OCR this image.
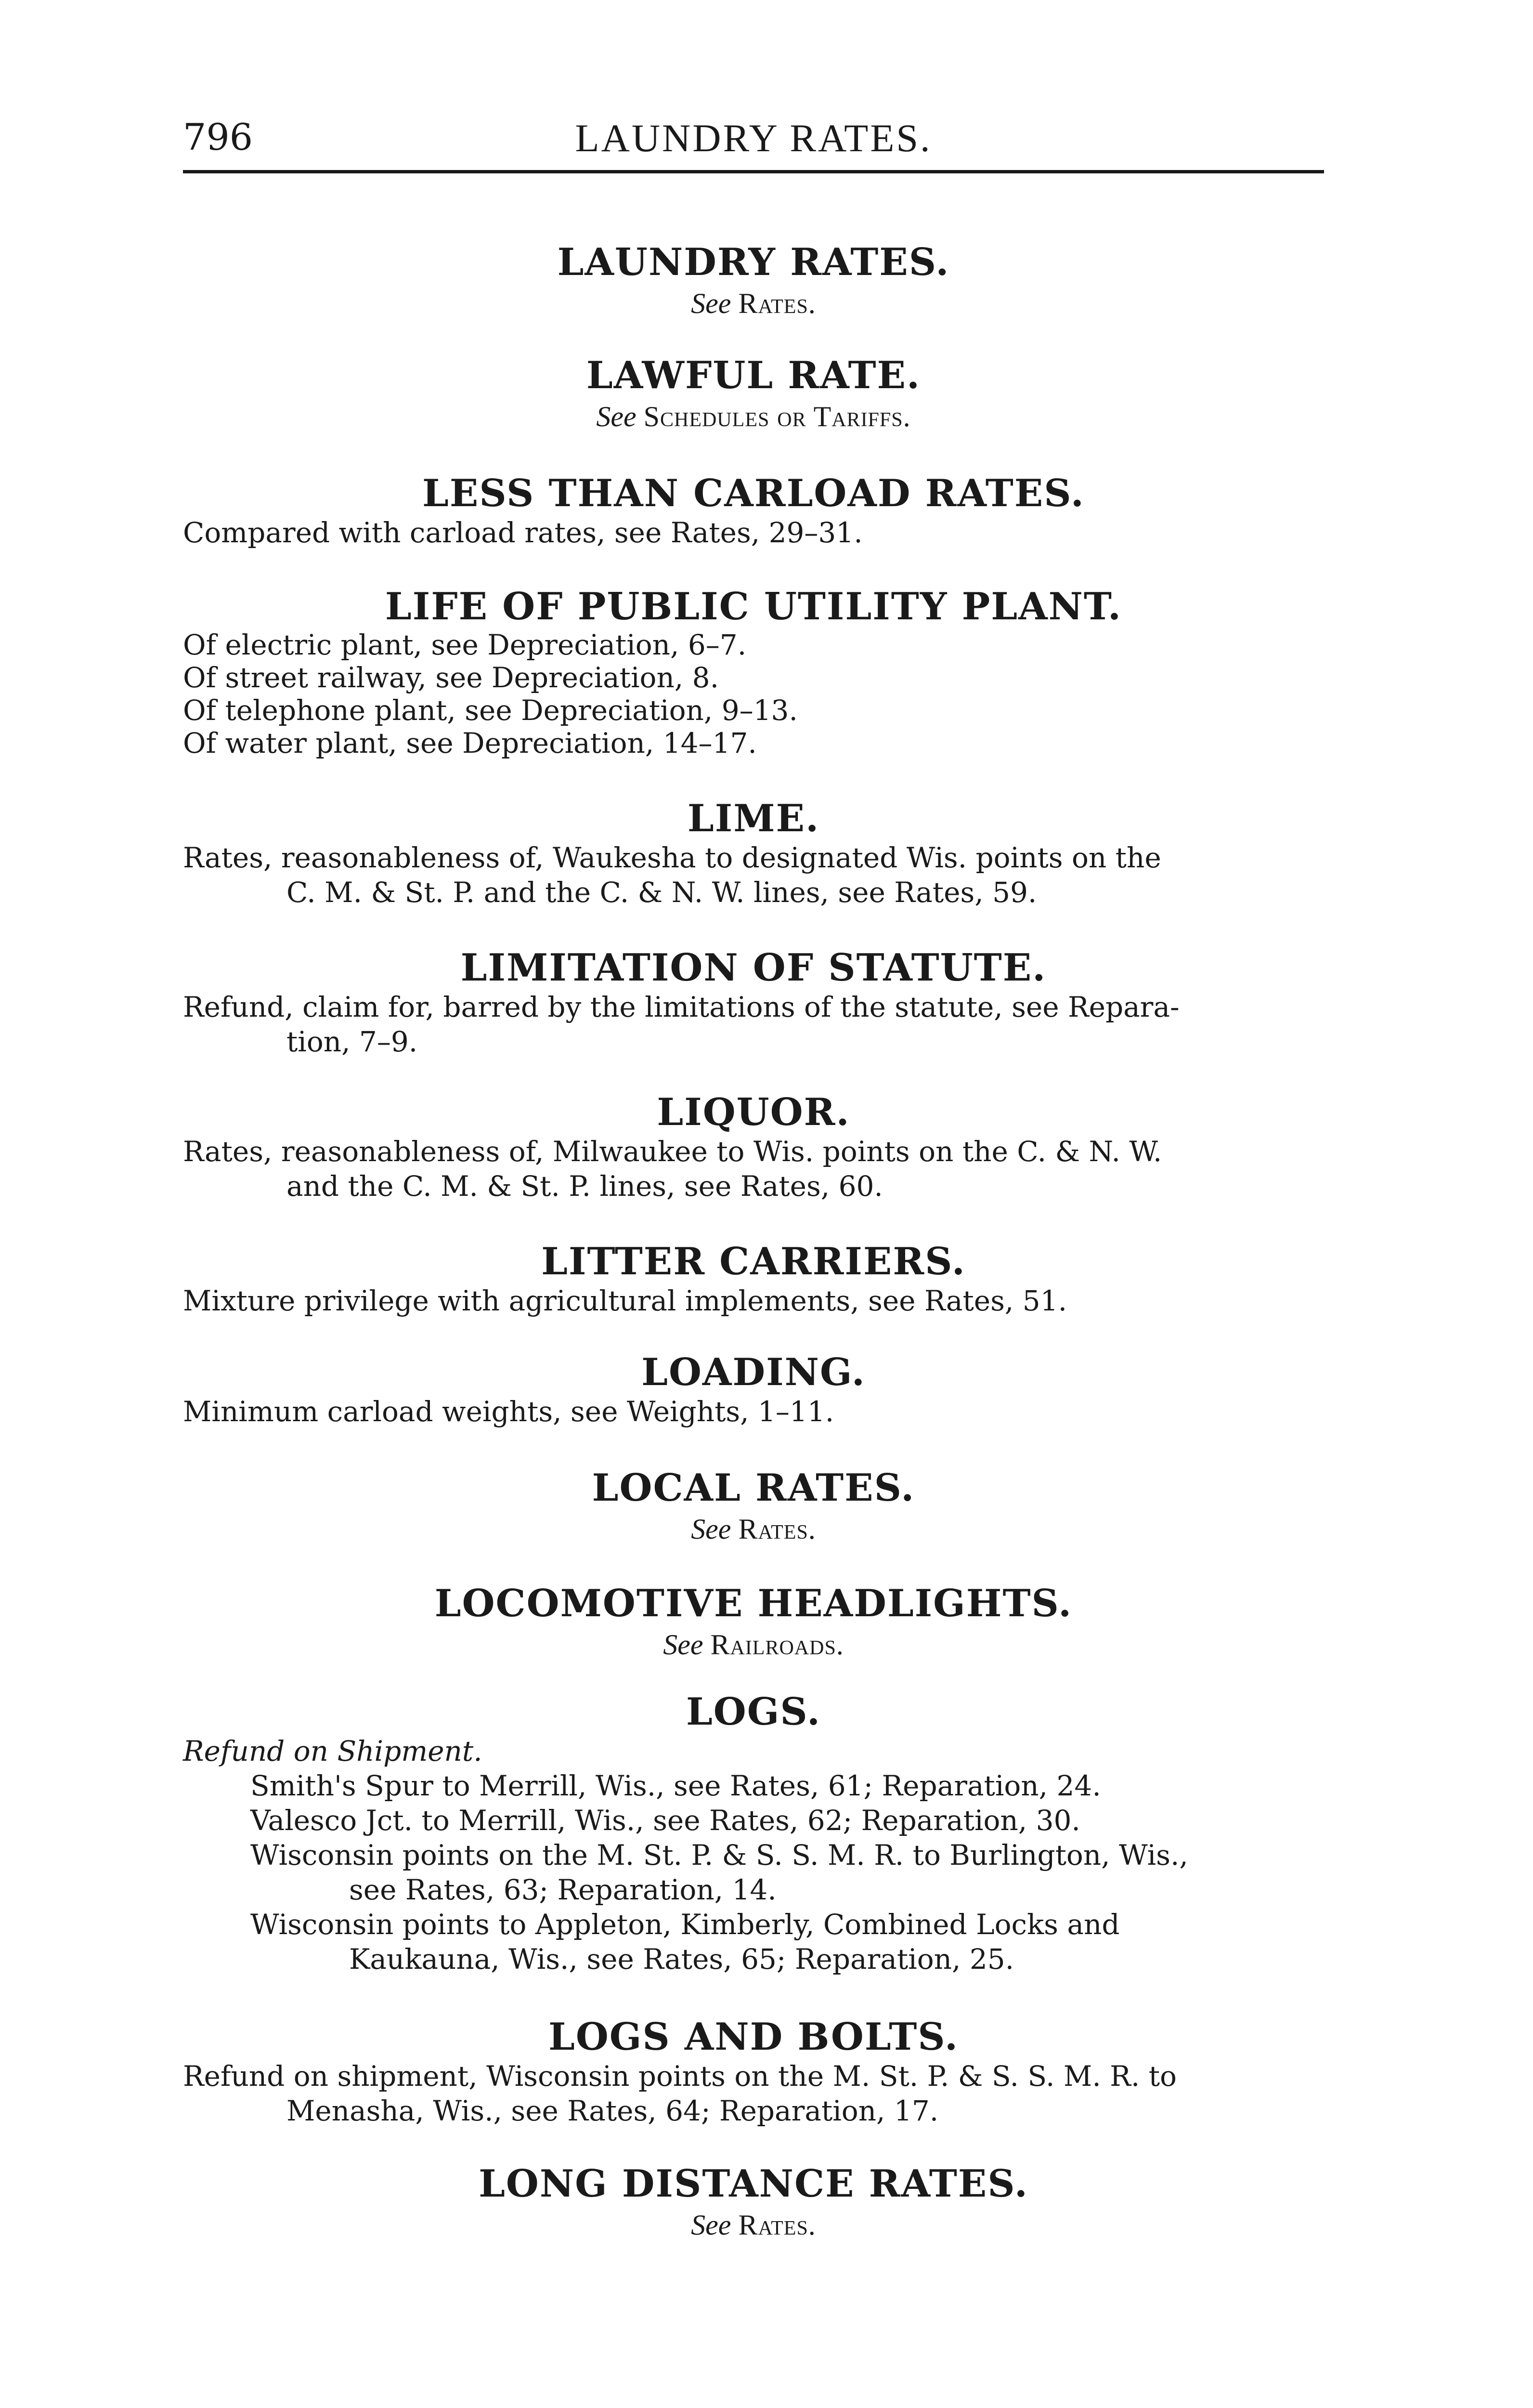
796	LAUNDRY RATES.
LAUNDRY RATES.
See Rates.
LAWFUL RATE.
See Schedules or Tariffs.
LESS THAN CARLOAD RATES.
Compared with carload rates, see Rates, 29–31.
LIFE OF PUBLIC UTILITY PLANT.
Of electric plant, see Depreciation, 6–7.
Of street railway, see Depreciation, 8.
Of telephone plant, see Depreciation, 9–13.
Of water plant, see Depreciation, 14–17.
LIME.
Rates, reasonableness of, Waukesha to designated Wis. points on the
C. M. & St. P. and the C. & N. W. lines, see Rates, 59.
LIMITATION OF STATUTE.
Refund, claim for, barred by the limitations of the statute, see Repara-
tion, 7–9.
LIQUOR.
Rates, reasonableness of, Milwaukee to Wis. points on the C. & N. W.
and the C. M. & St. P. lines, see Rates, 60.
LITTER CARRIERS.
Mixture privilege with agricultural implements, see Rates, 51.
LOADING.
Minimum carload weights, see Weights, 1–11.
LOCAL RATES.
See Rates.
LOCOMOTIVE HEADLIGHTS.
See Railroads.
LOGS.
Refund on Shipment.
Smith's Spur to Merrill, Wis., see Rates, 61; Reparation, 24.
Valesco Jct. to Merrill, Wis., see Rates, 62; Reparation, 30.
Wisconsin points on the M. St. P. & S. S. M. R. to Burlington, Wis.,
see Rates, 63; Reparation, 14.
Wisconsin points to Appleton, Kimberly, Combined Locks and
Kaukauna, Wis., see Rates, 65; Reparation, 25.
LOGS AND BOLTS.
Refund on shipment, Wisconsin points on the M. St. P. & S. S. M. R. to
Menasha, Wis., see Rates, 64; Reparation, 17.
LONG DISTANCE RATES.
See Rates.
